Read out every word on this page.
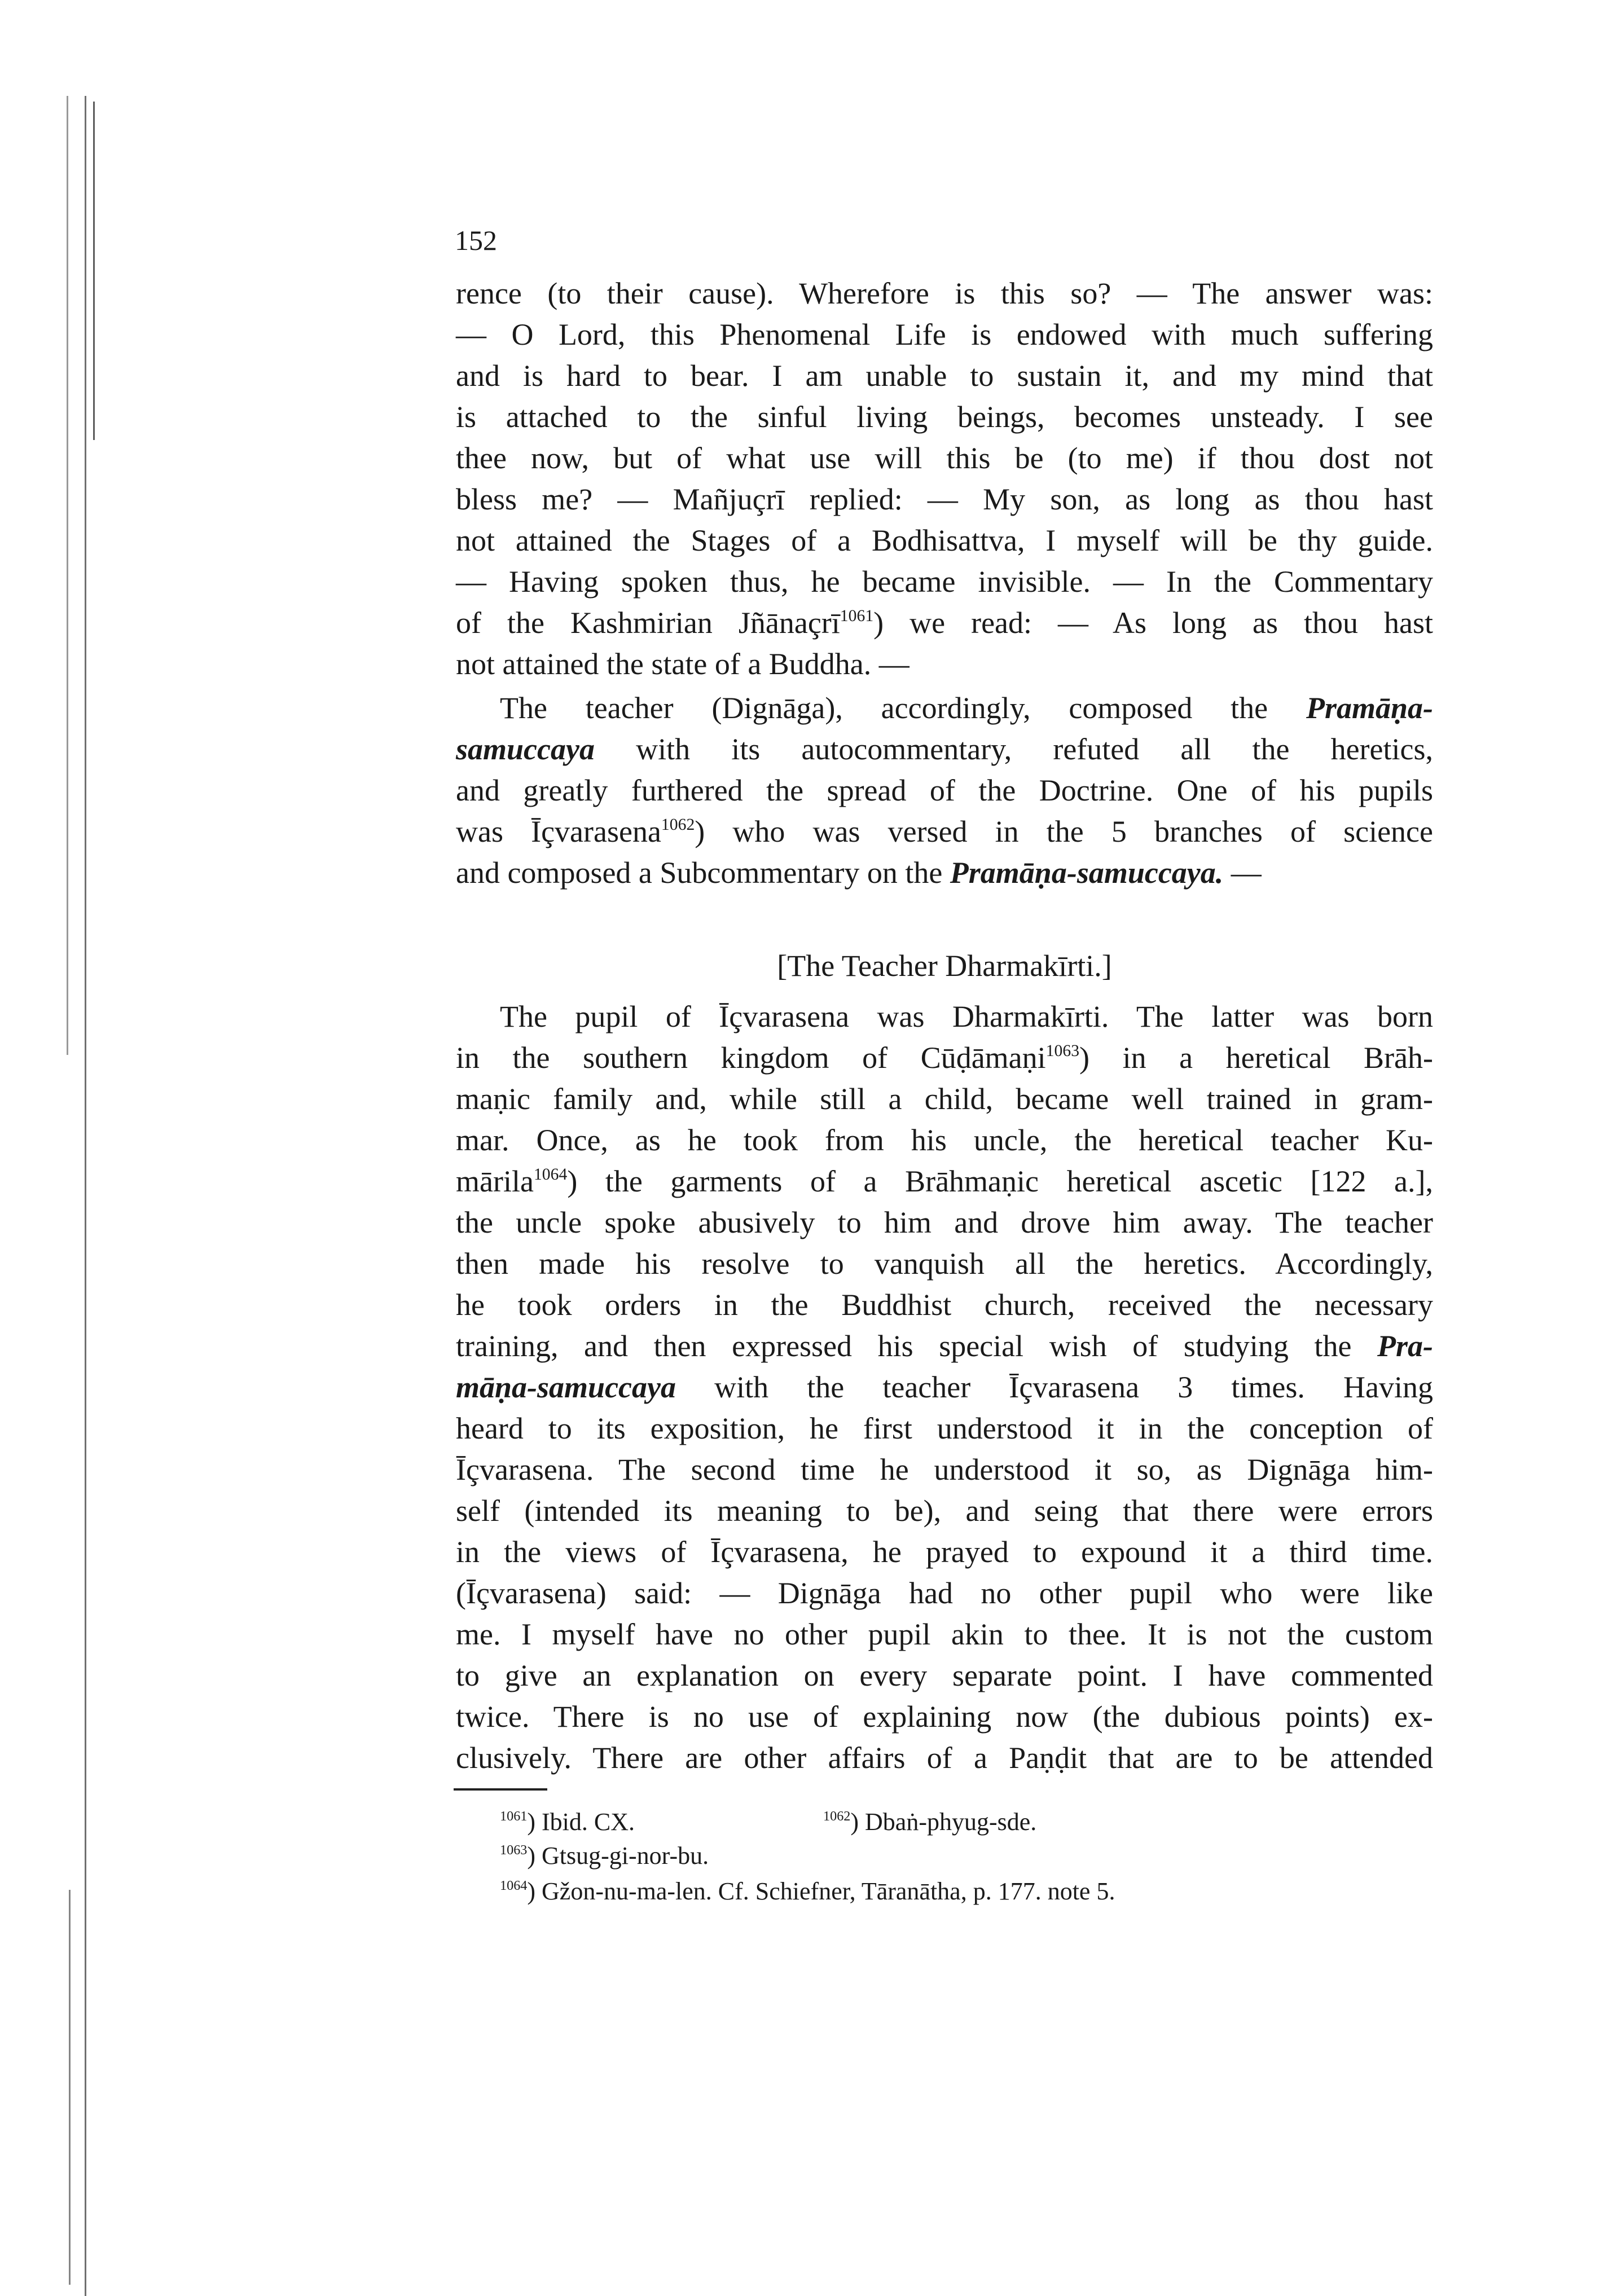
152
rence (to their cause). Wherefore is this so? — The answer was:
— O Lord, this Phenomenal Life is endowed with much suffering
and is hard to bear. I am unable to sustain it, and my mind that
is attached to the sinful living beings, becomes unsteady. I see
thee now, but of what use will this be (to me) if thou dost not
bless me? — Mañjuçrī replied: — My son, as long as thou hast
not attained the Stages of a Bodhisattva, I myself will be thy guide.
— Having spoken thus, he became invisible. — In the Commentary
of the Kashmirian Jñānaçrī$^{1061}$) we read: — As long as thou hast
not attained the state of a Buddha. —
The teacher (Dignāga), accordingly, composed the Pramāṇa-
samuccaya with its autocommentary, refuted all the heretics,
and greatly furthered the spread of the Doctrine. One of his pupils
was Īçvarasena$^{1062}$) who was versed in the 5 branches of science
and composed a Subcommentary on the Pramāṇa-samuccaya. —
The pupil of Īçvarasena was Dharmakīrti. The latter was born
in the southern kingdom of Cūḍāmaṇi$^{1063}$) in a heretical Brāh-
maṇic family and, while still a child, became well trained in gram-
mar. Once, as he took from his uncle, the heretical teacher Ku-
mārila$^{1064}$) the garments of a Brāhmaṇic heretical ascetic [122 a.],
the uncle spoke abusively to him and drove him away. The teacher
then made his resolve to vanquish all the heretics. Accordingly,
he took orders in the Buddhist church, received the necessary
training, and then expressed his special wish of studying the Pra-
māṇa-samuccaya with the teacher Īçvarasena 3 times. Having
heard to its exposition, he first understood it in the conception of
Īçvarasena. The second time he understood it so, as Dignāga him-
self (intended its meaning to be), and seing that there were errors
in the views of Īçvarasena, he prayed to expound it a third time.
(Īçvarasena) said: — Dignāga had no other pupil who were like
me. I myself have no other pupil akin to thee. It is not the custom
to give an explanation on every separate point. I have commented
twice. There is no use of explaining now (the dubious points) ex-
clusively. There are other affairs of a Paṇḍit that are to be attended
[The Teacher Dharmakīrti.]
$^{1061}$) Ibid. CX.	$^{1062}$) Dbaṅ-phyug-sde.
$^{1063}$) Gtsug-gi-nor-bu.
$^{1064}$) Gžon-nu-ma-len. Cf. Schiefner, Tāranātha, p. 177. note 5.
